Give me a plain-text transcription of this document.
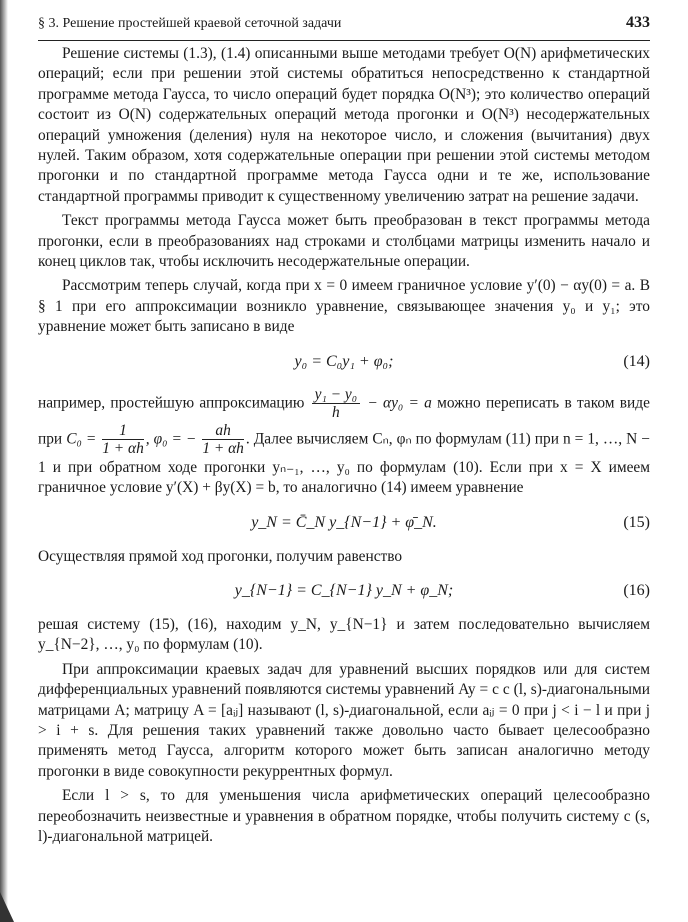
§ 3. Решение простейшей краевой сеточной задачи	433

Решение системы (1.3), (1.4) описанными выше методами требует O(N) арифметических операций; если при решении этой системы обратиться непосредственно к стандартной программе метода Гаусса, то число операций будет порядка O(N³); это количество операций состоит из O(N) содержательных операций метода прогонки и O(N³) несодержательных операций умножения (деления) нуля на некоторое число, и сложения (вычитания) двух нулей. Таким образом, хотя содержательные операции при решении этой системы методом прогонки и по стандартной программе метода Гаусса одни и те же, использование стандартной программы приводит к существенному увеличению затрат на решение задачи.

Текст программы метода Гаусса может быть преобразован в текст программы метода прогонки, если в преобразованиях над строками и столбцами матрицы изменить начало и конец циклов так, чтобы исключить несодержательные операции.

Рассмотрим теперь случай, когда при x = 0 имеем граничное условие y′(0) − αy(0) = a. В § 1 при его аппроксимации возникло уравнение, связывающее значения y₀ и y₁; это уравнение может быть записано в виде

y₀ = C₀y₁ + φ₀;	(14)

например, простейшую аппроксимацию $\frac{\text{y₁ − y₀}}{h} - \alpha y_0 = a$ можно переписать в таком виде при $C_0 = \frac{1}{1 + \alpha h}$ , φ₀ = − $\frac{ah}{1 + \alpha h}$ . Далее вычисляем Cₙ, φₙ по формулам (11) при n = 1, …, N − 1 и при обратном ходе прогонки yₙ₋₁, …, y₀ по формулам (10). Если при x = X имеем граничное условие y′(X) + βy(X) = b, то аналогично (14) имеем уравнение

y_N = C̄_N y_{N−1} + φ̄_N.	(15)

Осуществляя прямой ход прогонки, получим равенство

y_{N−1} = C_{N−1} y_N + φ_N;	(16)

решая систему (15), (16), находим y_N, y_{N−1} и затем последовательно вычисляем y_{N−2}, …, y₀ по формулам (10).

При аппроксимации краевых задач для уравнений высших порядков или для систем дифференциальных уравнений появляются системы уравнений Ay = c с (l, s)-диагональными матрицами A; матрицу A = [aᵢⱼ] называют (l, s)-диагональной, если aᵢⱼ = 0 при j < i − l и при j > i + s. Для решения таких уравнений также довольно часто бывает целесообразно применять метод Гаусса, алгоритм которого может быть записан аналогично методу прогонки в виде совокупности рекуррентных формул.

Если l > s, то для уменьшения числа арифметических операций целесообразно переобозначить неизвестные и уравнения в обратном порядке, чтобы получить систему с (s, l)-диагональной матрицей.
